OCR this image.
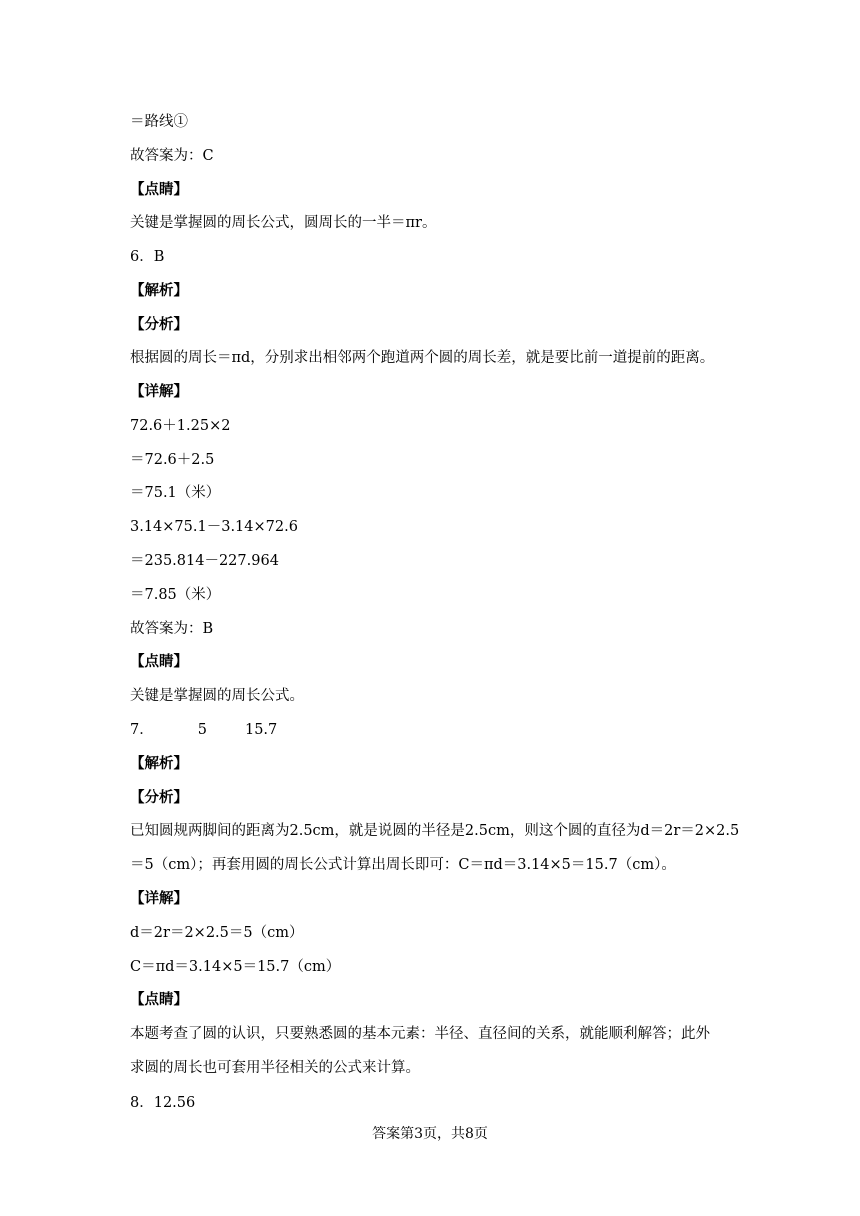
＝路线①

故答案为：C

【点睛】

关键是掌握圆的周长公式，圆周长的一半＝πr。

6．B

【解析】

【分析】

根据圆的周长＝πd，分别求出相邻两个跑道两个圆的周长差，就是要比前一道提前的距离。

【详解】

72.6＋1.25×2

＝72.6＋2.5

＝75.1（米）

3.14×75.1－3.14×72.6

＝235.814－227.964

＝7.85（米）

故答案为：B

【点睛】

关键是掌握圆的周长公式。

7．	5	15.7

【解析】

【分析】

已知圆规两脚间的距离为2.5cm，就是说圆的半径是2.5cm，则这个圆的直径为d＝2r＝2×2.5

＝5（cm）；再套用圆的周长公式计算出周长即可：C＝πd＝3.14×5＝15.7（cm）。

【详解】

d＝2r＝2×2.5＝5（cm）

C＝πd＝3.14×5＝15.7（cm）

【点睛】

本题考查了圆的认识，只要熟悉圆的基本元素：半径、直径间的关系，就能顺利解答；此外

求圆的周长也可套用半径相关的公式来计算。

8．12.56

答案第3页，共8页
